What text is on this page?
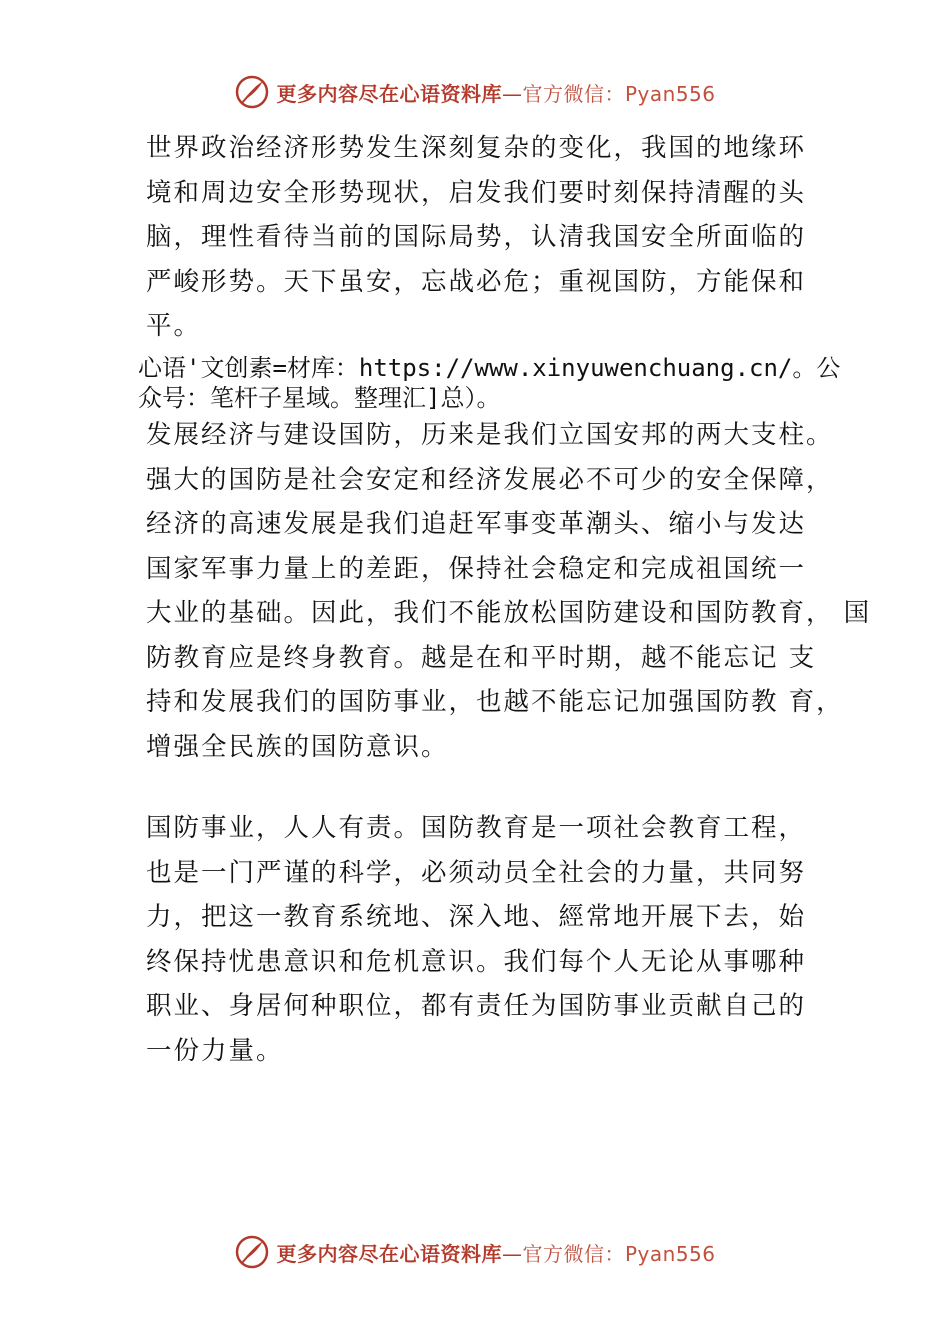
更多内容尽在心语资料库—官方微信：Pyan556
世界政治经济形势发生深刻复杂的变化，我国的地缘环
境和周边安全形势现状，启发我们要时刻保持清醒的头
脑，理性看待当前的国际局势，认清我国安全所面临的
严峻形势。天下虽安，忘战必危；重视国防，方能保和
平。
心语'文创素=材库：https://www.xinyuwenchuang.cn/。公
众号：笔杆子星域。整理汇]总）。
发展经济与建设国防，历来是我们立国安邦的两大支柱。
强大的国防是社会安定和经济发展必不可少的安全保障，
经济的高速发展是我们追赶军事变革潮头、缩小与发达
国家军事力量上的差距，保持社会稳定和完成祖国统一
大业的基础。因此，我们不能放松国防建设和国防教育， 国
防教育应是终身教育。越是在和平时期，越不能忘记 支
持和发展我们的国防事业，也越不能忘记加强国防教 育，
增强全民族的国防意识。
国防事业，人人有责。国防教育是一项社会教育工程，
也是一门严谨的科学，必须动员全社会的力量，共同努
力，把这一教育系统地、深入地、經常地开展下去，始
终保持忧患意识和危机意识。我们每个人无论从事哪种
职业、身居何种职位，都有责任为国防事业贡献自己的
一份力量。
更多内容尽在心语资料库—官方微信：Pyan556
